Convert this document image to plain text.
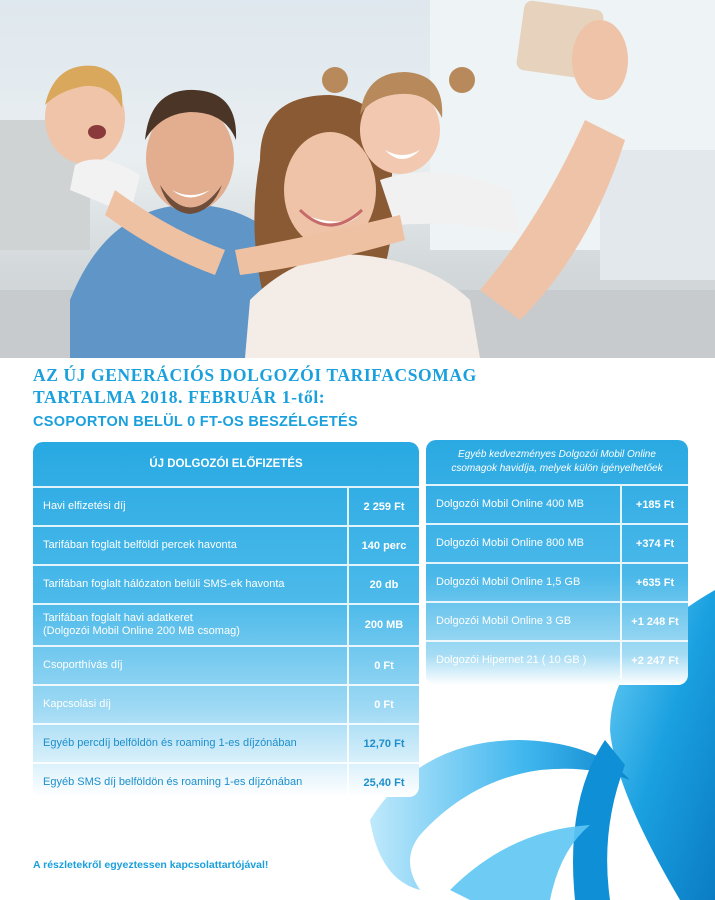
AZ ÚJ GENERÁCIÓS DOLGOZÓI TARIFACSOMAG
TARTALMA 2018. FEBRUÁR 1-től:
CSOPORTON BELÜL 0 FT-OS BESZÉLGETÉS
ÚJ DOLGOZÓI ELŐFIZETÉS
Havi elfizetési díj	2 259 Ft
Tarifában foglalt belföldi percek havonta	140 perc
Tarifában foglalt hálózaton belüli SMS-ek havonta	20 db
Tarifában foglalt havi adatkeret
(Dolgozói Mobil Online 200 MB csomag)	200 MB
Csoporthívás díj	0 Ft
Kapcsolási díj	0 Ft
Egyéb percdíj belföldön és roaming 1-es díjzónában	12,70 Ft
Egyéb SMS díj belföldön és roaming 1-es díjzónában	25,40 Ft
Egyéb kedvezményes Dolgozói Mobil Online
csomagok havidíja, melyek külön igényelhetőek
Dolgozói Mobil Online 400 MB	+185 Ft
Dolgozói Mobil Online 800 MB	+374 Ft
Dolgozói Mobil Online 1,5 GB	+635 Ft
Dolgozói Mobil Online 3 GB	+1 248 Ft
Dolgozói Hipernet 21 ( 10 GB )	+2 247 Ft
A részletekről egyeztessen kapcsolattartójával!
